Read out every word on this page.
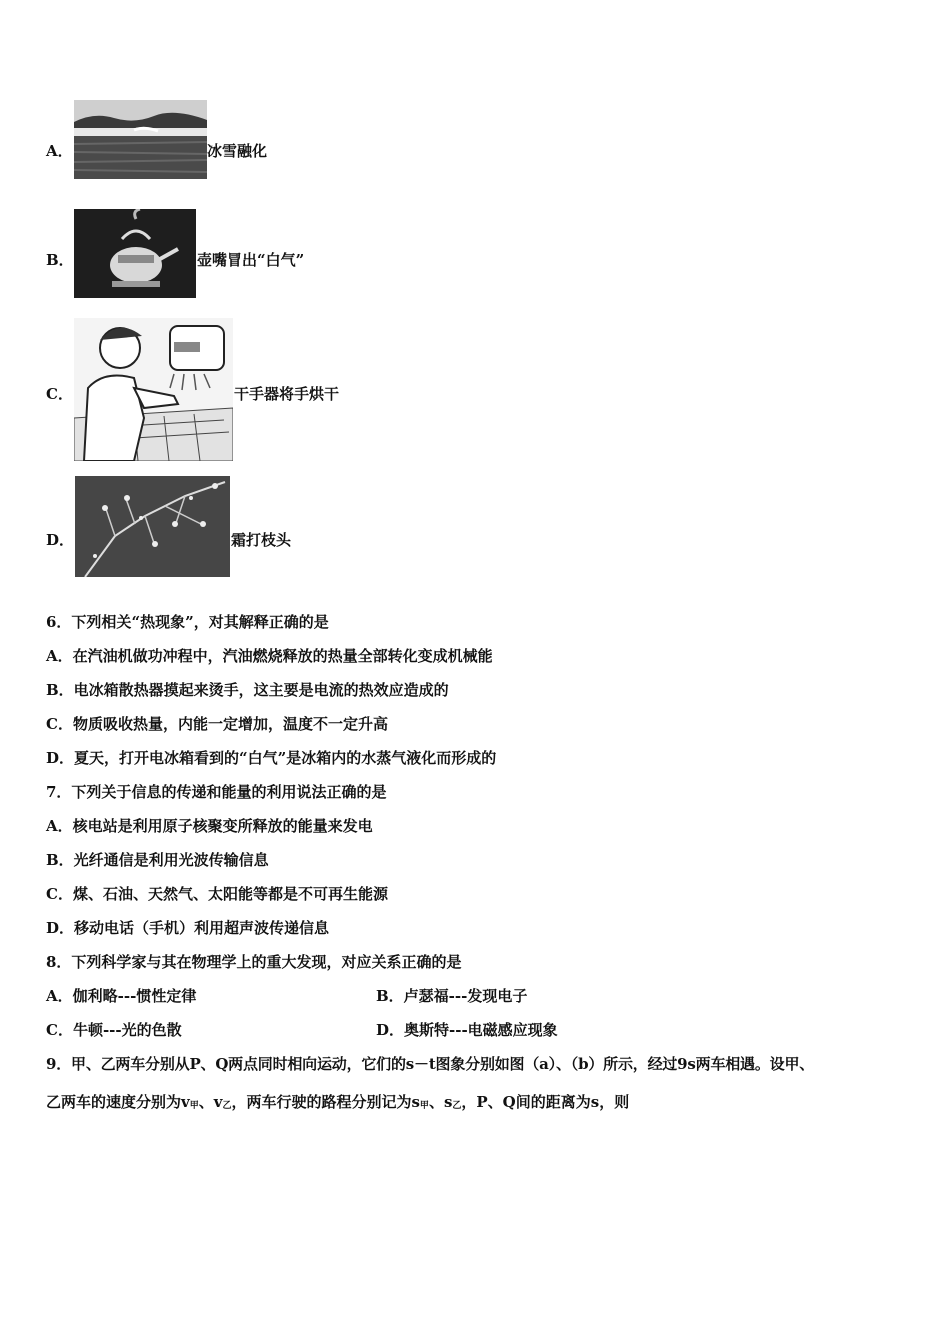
A．	冰雪融化
B．	壶嘴冒出“白气”
C．	干手器将手烘干
D．	霜打枝头
6．下列相关“热现象”，对其解释正确的是
A．在汽油机做功冲程中，汽油燃烧释放的热量全部转化变成机械能
B．电冰箱散热器摸起来烫手，这主要是电流的热效应造成的
C．物质吸收热量，内能一定增加，温度不一定升高
D．夏天，打开电冰箱看到的“白气”是冰箱内的水蒸气液化而形成的
7．下列关于信息的传递和能量的利用说法正确的是
A．核电站是利用原子核聚变所释放的能量来发电
B．光纤通信是利用光波传输信息
C．煤、石油、天然气、太阳能等都是不可再生能源
D．移动电话（手机）利用超声波传递信息
8．下列科学家与其在物理学上的重大发现，对应关系正确的是
A．伽利略---惯性定律	B．卢瑟福---发现电子
C．牛顿---光的色散	D．奥斯特---电磁感应现象
9．甲、乙两车分别从P、Q两点同时相向运动，它们的s－t图象分别如图（a）、（b）所示，经过9s两车相遇。设甲、
乙两车的速度分别为v甲、v乙，两车行驶的路程分别记为s甲、s乙，P、Q间的距离为s，则
